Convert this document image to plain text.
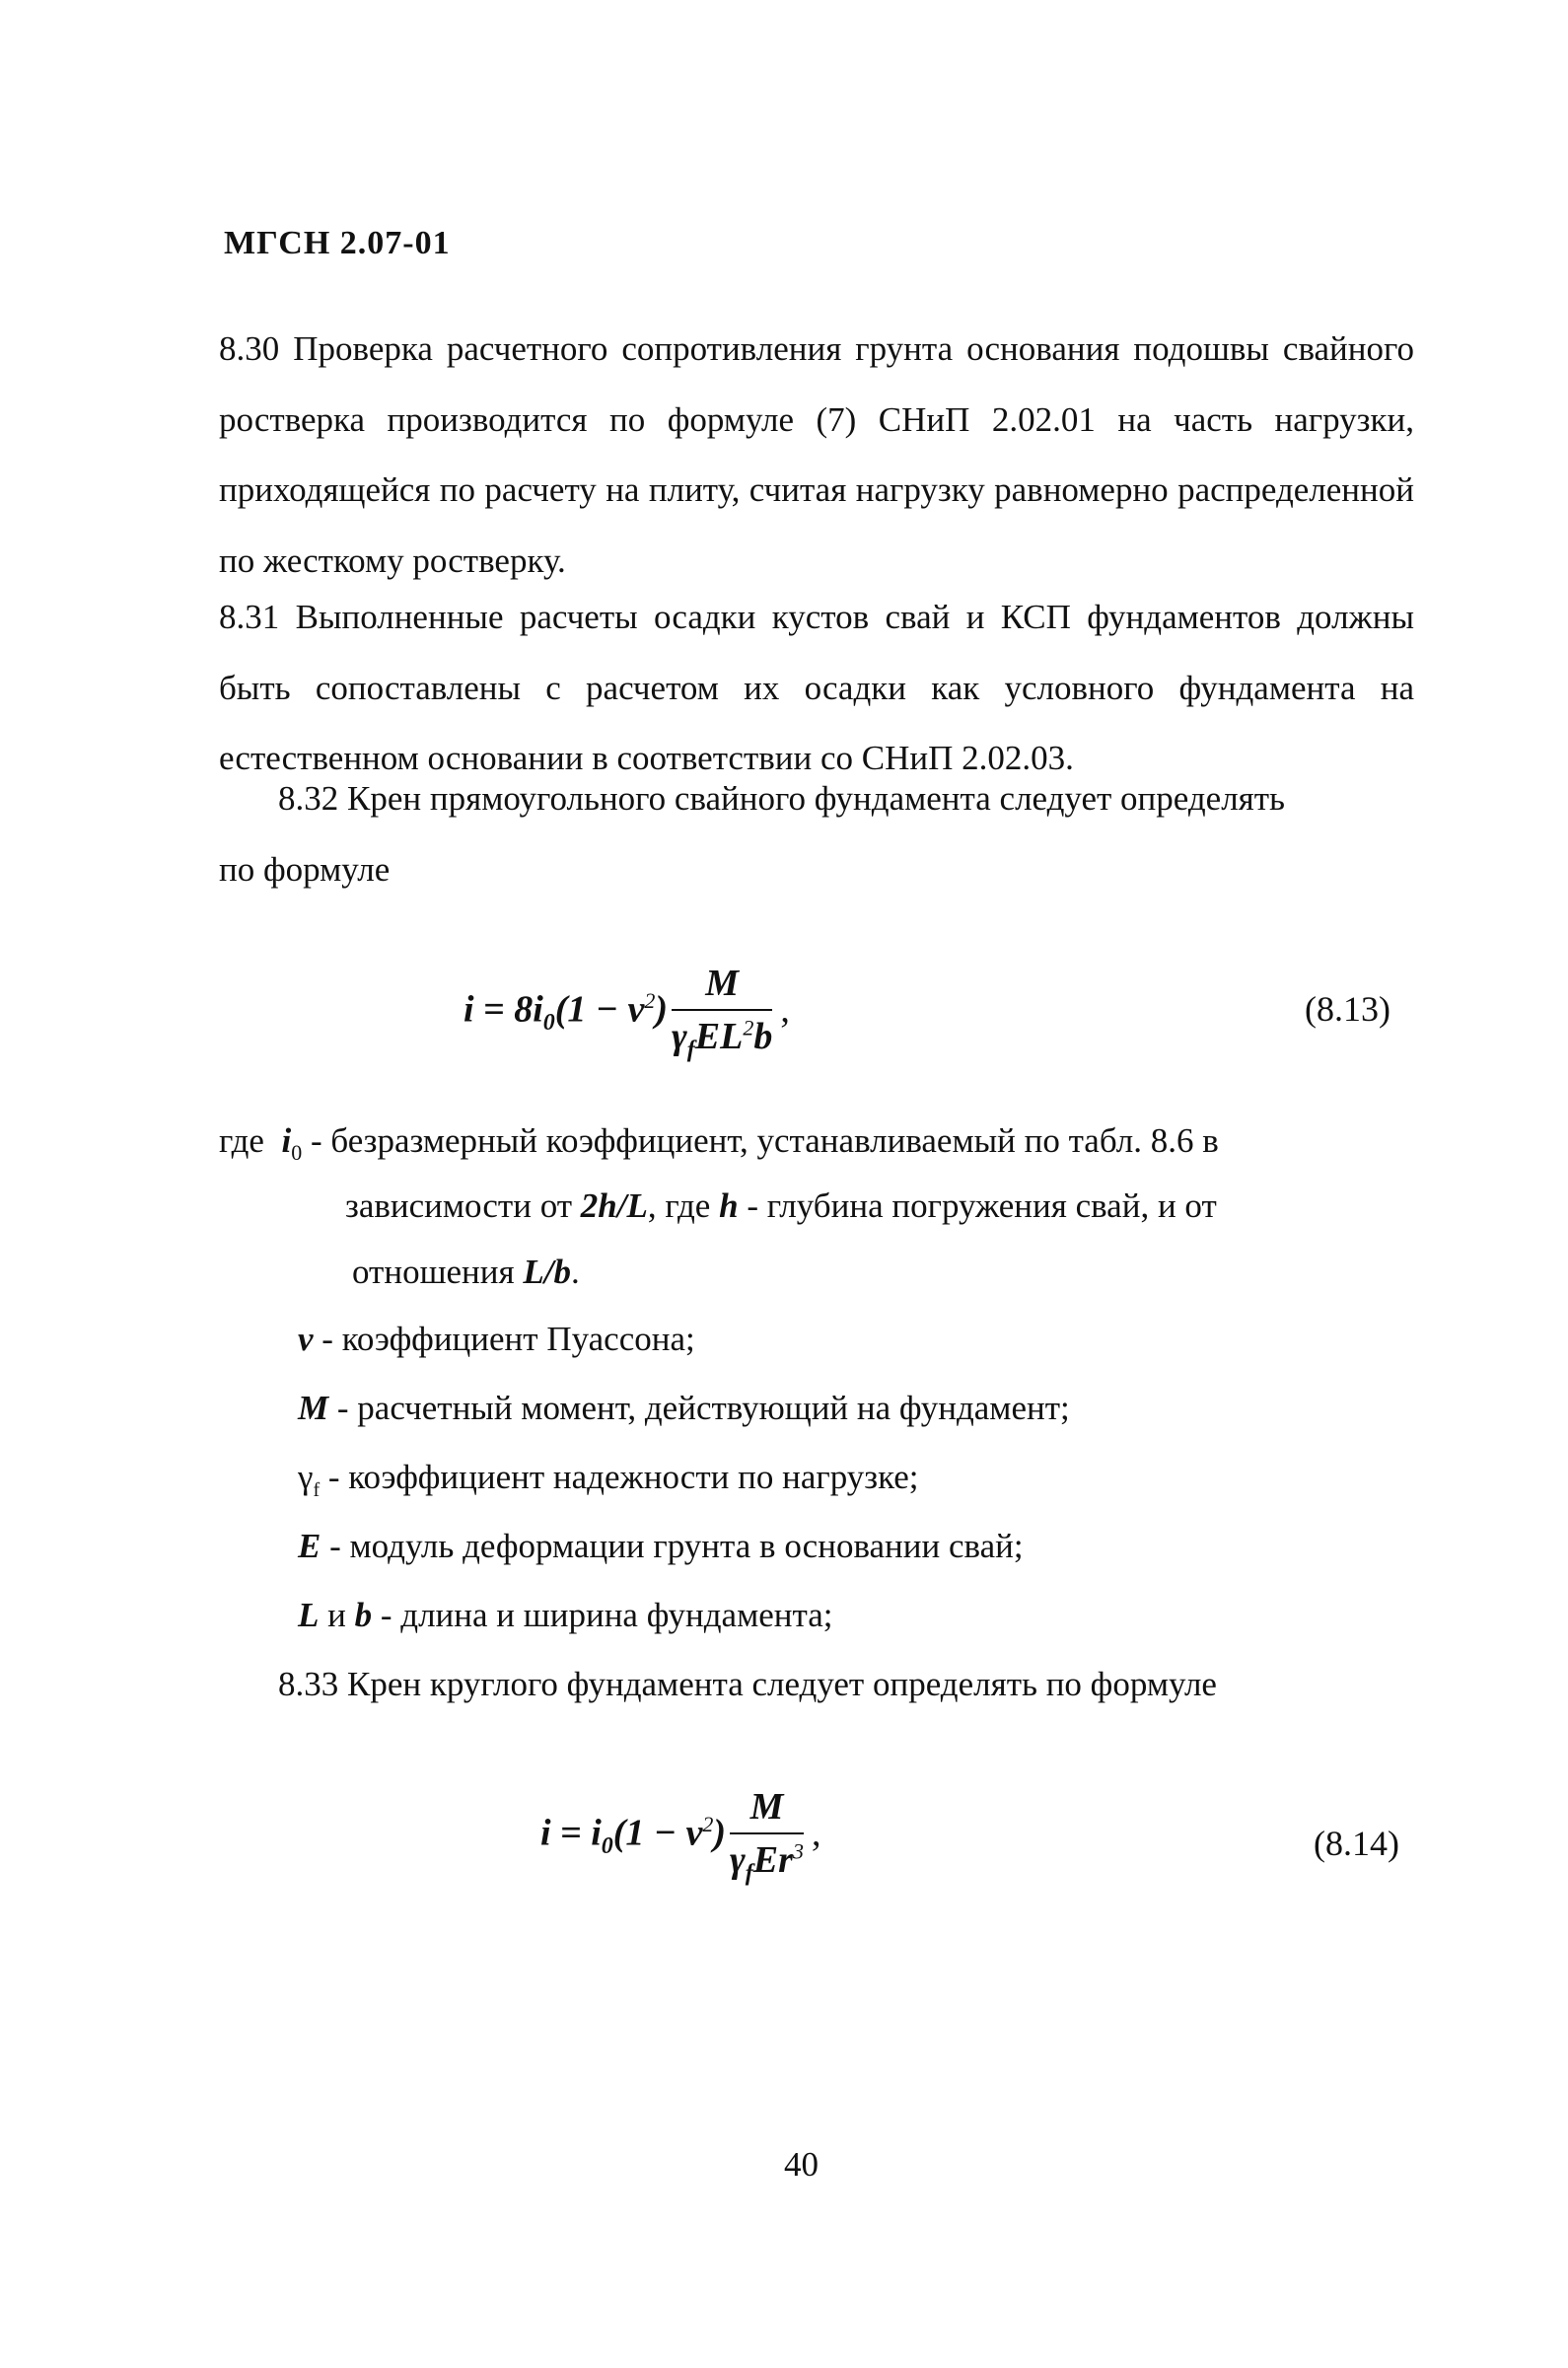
МГСН 2.07-01
8.30 Проверка расчетного сопротивления грунта основания подошвы свайного ростверка производится по формуле (7) СНиП 2.02.01 на часть нагрузки, приходящейся по расчету на плиту, считая нагрузку равномерно распределенной по жесткому ростверку.
8.31 Выполненные расчеты осадки кустов свай и КСП фундаментов должны быть сопоставлены с расчетом их осадки как условного фундамента на естественном основании в соответствии со СНиП 2.02.03.
8.32 Крен прямоугольного свайного фундамента следует определять
по формуле
$i = 8i_0(1 - \nu^2) \frac{M}{\gamma_fEL^2b}$ ,	(8.13)
где $i_0$ - безразмерный коэффициент, устанавливаемый по табл. 8.6 в
зависимости от 2h/L, где h - глубина погружения свай, и от
отношения L/b.
ν - коэффициент Пуассона;
M - расчетный момент, действующий на фундамент;
$\gamma_f$ - коэффициент надежности по нагрузке;
E - модуль деформации грунта в основании свай;
L и b - длина и ширина фундамента;
8.33 Крен круглого фундамента следует определять по формуле
$i = i_0(1 - \nu^2) \frac{M}{\gamma_fEr^3}$ ,	(8.14)
40
